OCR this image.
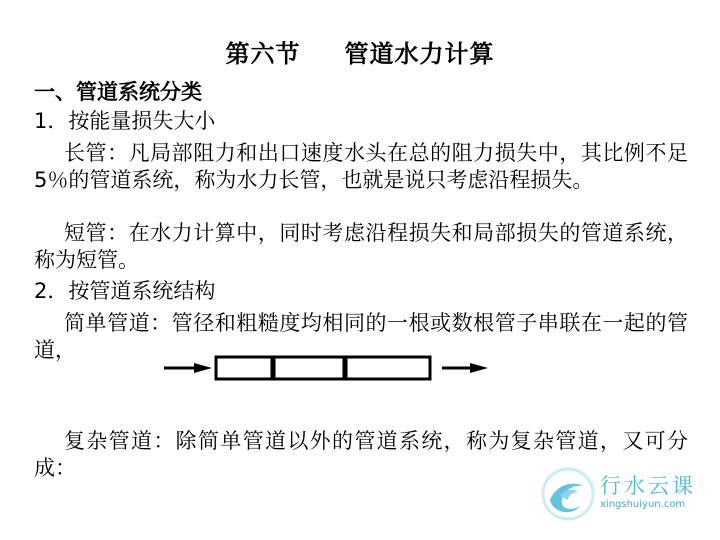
第六节 管道水力计算
一、管道系统分类
1．按能量损失大小
长管：凡局部阻力和出口速度水头在总的阻力损失中，其比例不足5％的管道系统，称为水力长管，也就是说只考虑沿程损失。
短管：在水力计算中，同时考虑沿程损失和局部损失的管道系统，称为短管。
2．按管道系统结构
简单管道：管径和粗糙度均相同的一根或数根管子串联在一起的管道，
复杂管道：除简单管道以外的管道系统，称为复杂管道，又可分成：
行水云课
xingshuiyun.com
